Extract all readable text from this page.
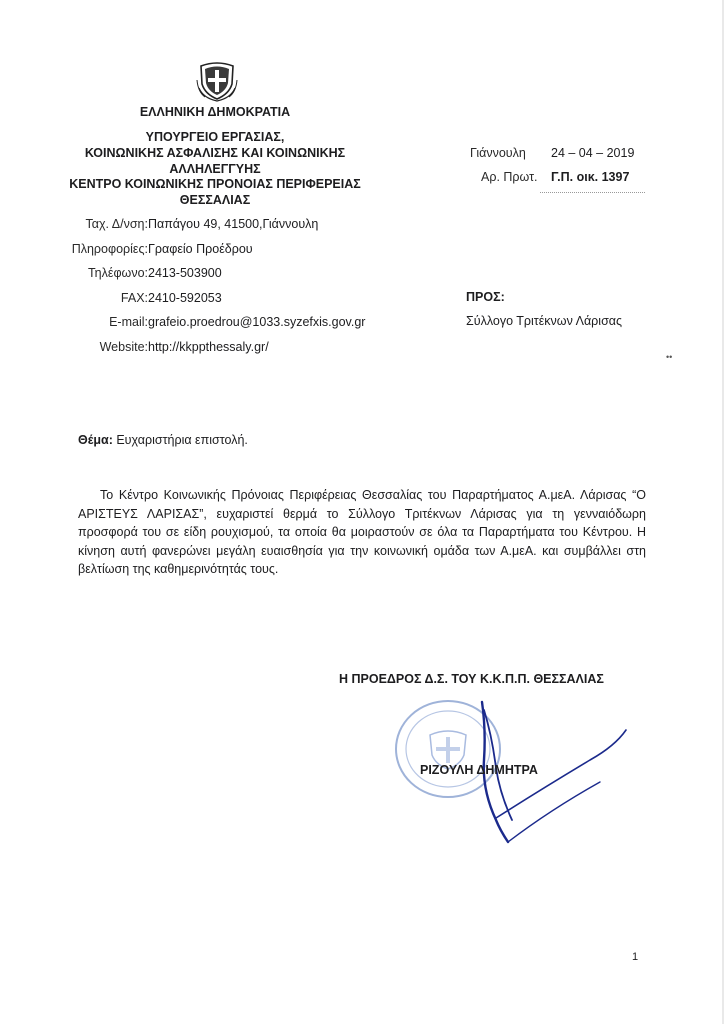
ΕΛΛΗΝΙΚΗ ΔΗΜΟΚΡΑΤΙΑ
ΥΠΟΥΡΓΕΙΟ ΕΡΓΑΣΙΑΣ,
ΚΟΙΝΩΝΙΚΗΣ ΑΣΦΑΛΙΣΗΣ ΚΑΙ ΚΟΙΝΩΝΙΚΗΣ
ΑΛΛΗΛΕΓΓΥΗΣ
ΚΕΝΤΡΟ ΚΟΙΝΩΝΙΚΗΣ ΠΡΟΝΟΙΑΣ ΠΕΡΙΦΕΡΕΙΑΣ
ΘΕΣΣΑΛΙΑΣ
Γιάννουλη 24 – 04 – 2019
Αρ. Πρωτ. Γ.Π. οικ. 1397
Ταχ. Δ/νση: Παπάγου 49, 41500,Γιάννουλη
Πληροφορίες: Γραφείο Προέδρου
Τηλέφωνο: 2413-503900
FAX: 2410-592053
E-mail: grafeio.proedrou@1033.syzefxis.gov.gr
Website: http://kkppthessaly.gr/
ΠΡΟΣ:
Σύλλογο Τριτέκνων Λάρισας
••
Θέμα: Ευχαριστήρια επιστολή.
Το Κέντρο Κοινωνικής Πρόνοιας Περιφέρειας Θεσσαλίας του Παραρτήματος Α.μεΑ. Λάρισας “Ο ΑΡΙΣΤΕΥΣ ΛΑΡΙΣΑΣ”, ευχαριστεί θερμά το Σύλλογο Τριτέκνων Λάρισας για τη γενναιόδωρη προσφορά του σε είδη ρουχισμού, τα οποία θα μοιραστούν σε όλα τα Παραρτήματα του Κέντρου. Η κίνηση αυτή φανερώνει μεγάλη ευαισθησία για την κοινωνική ομάδα των Α.μεΑ. και συμβάλλει στη βελτίωση της καθημερινότητάς τους.
Η ΠΡΟΕΔΡΟΣ Δ.Σ. ΤΟΥ Κ.Κ.Π.Π. ΘΕΣΣΑΛΙΑΣ
ΡΙΖΟΥΛΗ ΔΗΜΗΤΡΑ
1
